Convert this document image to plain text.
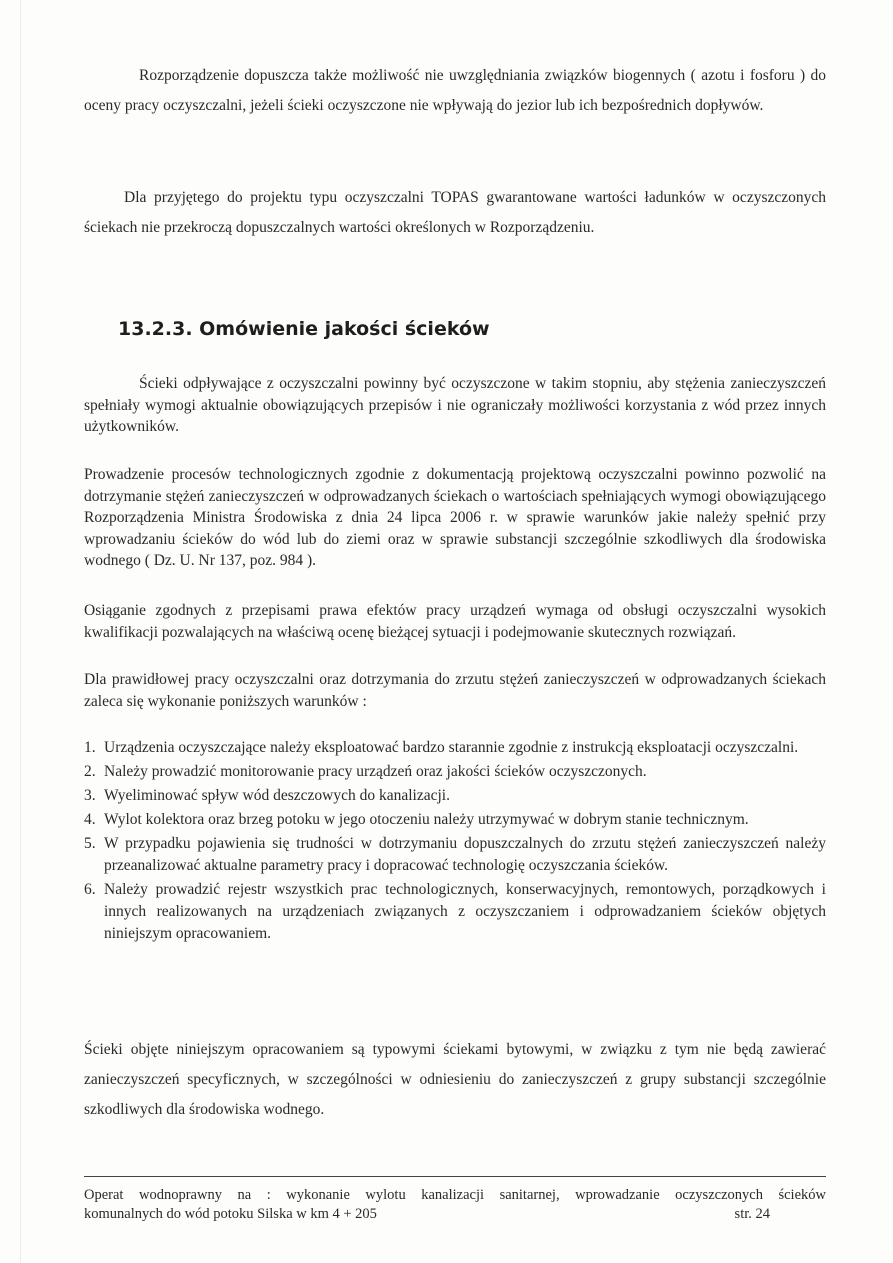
Rozporządzenie dopuszcza także możliwość nie uwzględniania związków biogennych ( azotu i fosforu ) do oceny pracy oczyszczalni, jeżeli ścieki oczyszczone nie wpływają do jezior lub ich bezpośrednich dopływów.

Dla przyjętego do projektu typu oczyszczalni TOPAS gwarantowane wartości ładunków w oczyszczonych ściekach nie przekroczą dopuszczalnych wartości określonych w Rozporządzeniu.

13.2.3. Omówienie jakości ścieków

Ścieki odpływające z oczyszczalni powinny być oczyszczone w takim stopniu, aby stężenia zanieczyszczeń spełniały wymogi aktualnie obowiązujących przepisów i nie ograniczały możliwości korzystania z wód przez innych użytkowników.

Prowadzenie procesów technologicznych zgodnie z dokumentacją projektową oczyszczalni powinno pozwolić na dotrzymanie stężeń zanieczyszczeń w odprowadzanych ściekach o wartościach spełniających wymogi obowiązującego Rozporządzenia Ministra Środowiska z dnia 24 lipca 2006 r. w sprawie warunków jakie należy spełnić przy wprowadzaniu ścieków do wód lub do ziemi oraz w sprawie substancji szczególnie szkodliwych dla środowiska wodnego ( Dz. U. Nr 137, poz. 984 ).

Osiąganie zgodnych z przepisami prawa efektów pracy urządzeń wymaga od obsługi oczyszczalni wysokich kwalifikacji pozwalających na właściwą ocenę bieżącej sytuacji i podejmowanie skutecznych rozwiązań.

Dla prawidłowej pracy oczyszczalni oraz dotrzymania do zrzutu stężeń zanieczyszczeń w odprowadzanych ściekach zaleca się wykonanie poniższych warunków :

1. Urządzenia oczyszczające należy eksploatować bardzo starannie zgodnie z instrukcją eksploatacji oczyszczalni.
2. Należy prowadzić monitorowanie pracy urządzeń oraz jakości ścieków oczyszczonych.
3. Wyeliminować spływ wód deszczowych do kanalizacji.
4. Wylot kolektora oraz brzeg potoku w jego otoczeniu należy utrzymywać w dobrym stanie technicznym.
5. W przypadku pojawienia się trudności w dotrzymaniu dopuszczalnych do zrzutu stężeń zanieczyszczeń należy przeanalizować aktualne parametry pracy i dopracować technologię oczyszczania ścieków.
6. Należy prowadzić rejestr wszystkich prac technologicznych, konserwacyjnych, remontowych, porządkowych i innych realizowanych na urządzeniach związanych z oczyszczaniem i odprowadzaniem ścieków objętych niniejszym opracowaniem.

Ścieki objęte niniejszym opracowaniem są typowymi ściekami bytowymi, w związku z tym nie będą zawierać zanieczyszczeń specyficznych, w szczególności w odniesieniu do zanieczyszczeń z grupy substancji szczególnie szkodliwych dla środowiska wodnego.

Operat wodnoprawny na : wykonanie wylotu kanalizacji sanitarnej, wprowadzanie oczyszczonych ścieków
komunalnych do wód potoku Silska w km 4 + 205	str. 24
